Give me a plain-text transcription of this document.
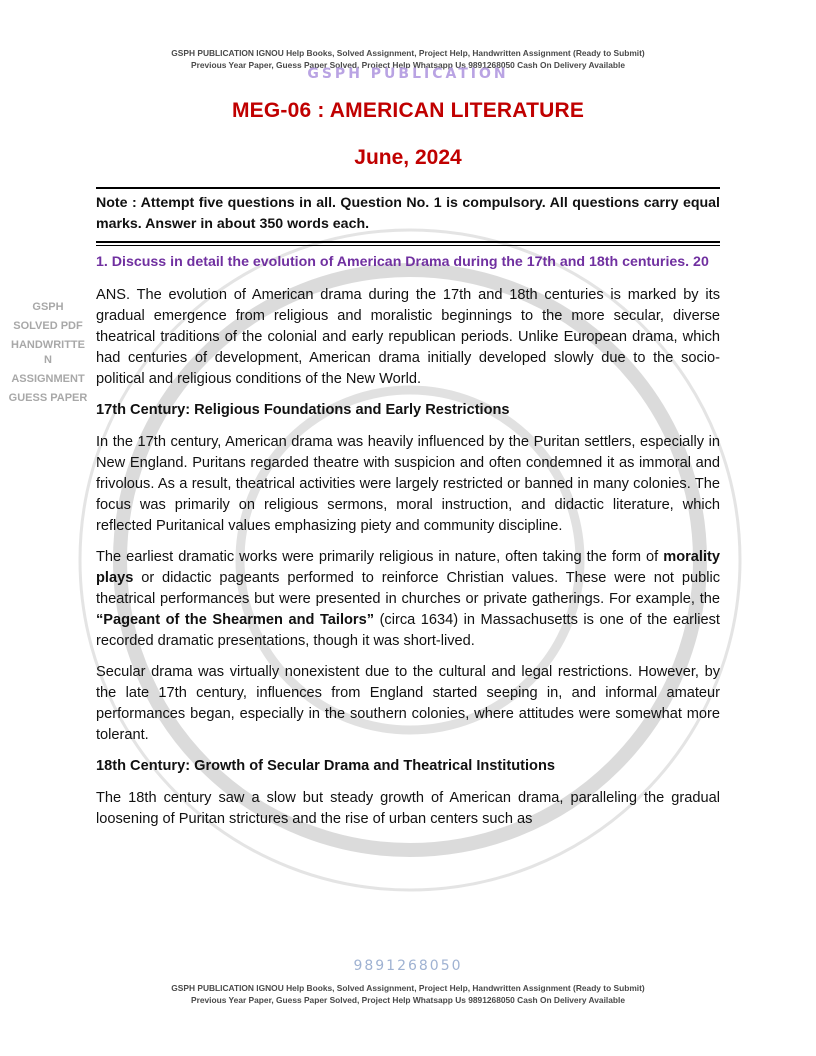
GSPH PUBLICATION IGNOU Help Books, Solved Assignment, Project Help, Handwritten Assignment (Ready to Submit)
Previous Year Paper, Guess Paper Solved, Project Help Whatsapp Us 9891268050 Cash On Delivery Available
GSPH PUBLICATION
MEG-06 : AMERICAN LITERATURE
June, 2024
Note : Attempt five questions in all. Question No. 1 is compulsory. All questions carry equal marks. Answer in about 350 words each.
GSPH
SOLVED PDF
HANDWRITTEN
ASSIGNMENT
GUESS PAPER

1. Discuss in detail the evolution of American Drama during the 17th and 18th centuries. 20

ANS. The evolution of American drama during the 17th and 18th centuries is marked by its gradual emergence from religious and moralistic beginnings to the more secular, diverse theatrical traditions of the colonial and early republican periods. Unlike European drama, which had centuries of development, American drama initially developed slowly due to the socio-political and religious conditions of the New World.

17th Century: Religious Foundations and Early Restrictions

In the 17th century, American drama was heavily influenced by the Puritan settlers, especially in New England. Puritans regarded theatre with suspicion and often condemned it as immoral and frivolous. As a result, theatrical activities were largely restricted or banned in many colonies. The focus was primarily on religious sermons, moral instruction, and didactic literature, which reflected Puritanical values emphasizing piety and community discipline.

The earliest dramatic works were primarily religious in nature, often taking the form of morality plays or didactic pageants performed to reinforce Christian values. These were not public theatrical performances but were presented in churches or private gatherings. For example, the “Pageant of the Shearmen and Tailors” (circa 1634) in Massachusetts is one of the earliest recorded dramatic presentations, though it was short-lived.

Secular drama was virtually nonexistent due to the cultural and legal restrictions. However, by the late 17th century, influences from England started seeping in, and informal amateur performances began, especially in the southern colonies, where attitudes were somewhat more tolerant.

18th Century: Growth of Secular Drama and Theatrical Institutions

The 18th century saw a slow but steady growth of American drama, paralleling the gradual loosening of Puritan strictures and the rise of urban centers such as

9891268050
GSPH PUBLICATION IGNOU Help Books, Solved Assignment, Project Help, Handwritten Assignment (Ready to Submit)
Previous Year Paper, Guess Paper Solved, Project Help Whatsapp Us 9891268050 Cash On Delivery Available
